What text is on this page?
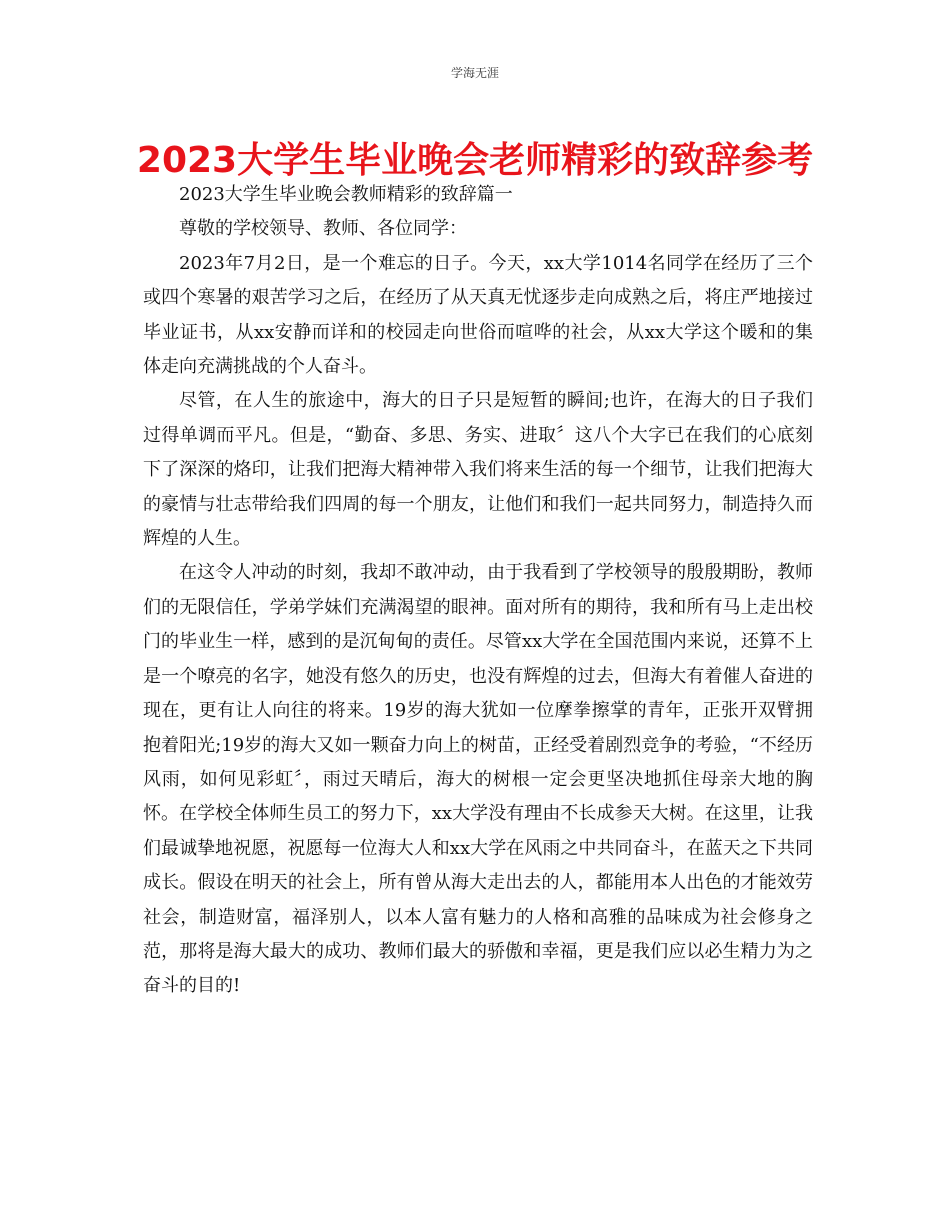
学海无涯
2023大学生毕业晚会老师精彩的致辞参考

2023大学生毕业晚会教师精彩的致辞篇一

尊敬的学校领导、教师、各位同学：

2023年7月2日，是一个难忘的日子。今天，xx大学1014名同学在经历了三个或四个寒暑的艰苦学习之后，在经历了从天真无忧逐步走向成熟之后，将庄严地接过毕业证书，从xx安静而详和的校园走向世俗而喧哗的社会，从xx大学这个暖和的集体走向充满挑战的个人奋斗。

尽管，在人生的旅途中，海大的日子只是短暂的瞬间;也许，在海大的日子我们过得单调而平凡。但是，“勤奋、多思、务实、进取〞这八个大字已在我们的心底刻下了深深的烙印，让我们把海大精神带入我们将来生活的每一个细节，让我们把海大的豪情与壮志带给我们四周的每一个朋友，让他们和我们一起共同努力，制造持久而辉煌的人生。

在这令人冲动的时刻，我却不敢冲动，由于我看到了学校领导的殷殷期盼，教师们的无限信任，学弟学妹们充满渴望的眼神。面对所有的期待，我和所有马上走出校门的毕业生一样，感到的是沉甸甸的责任。尽管xx大学在全国范围内来说，还算不上是一个嘹亮的名字，她没有悠久的历史，也没有辉煌的过去，但海大有着催人奋进的现在，更有让人向往的将来。19岁的海大犹如一位摩拳擦掌的青年，正张开双臂拥抱着阳光;19岁的海大又如一颗奋力向上的树苗，正经受着剧烈竞争的考验，“不经历风雨，如何见彩虹〞，雨过天晴后，海大的树根一定会更坚决地抓住母亲大地的胸怀。在学校全体师生员工的努力下，xx大学没有理由不长成参天大树。在这里，让我们最诚挚地祝愿，祝愿每一位海大人和xx大学在风雨之中共同奋斗，在蓝天之下共同成长。假设在明天的社会上，所有曾从海大走出去的人，都能用本人出色的才能效劳社会，制造财富，福泽别人，以本人富有魅力的人格和高雅的品味成为社会修身之范，那将是海大最大的成功、教师们最大的骄傲和幸福，更是我们应以必生精力为之奋斗的目的!
